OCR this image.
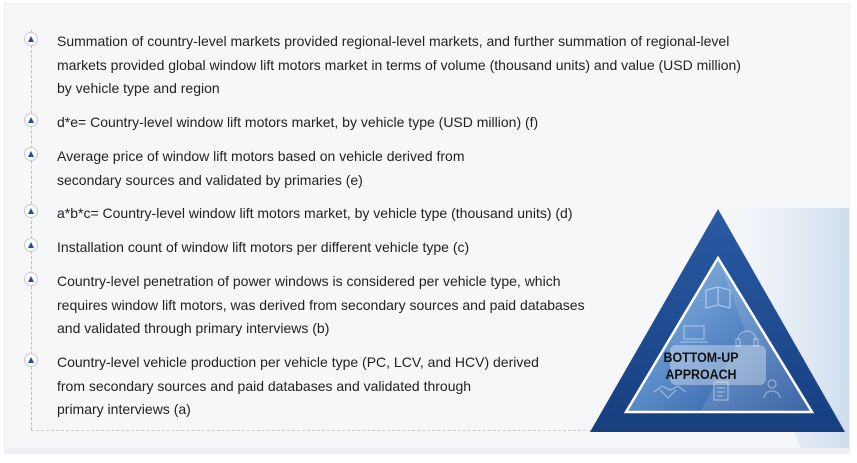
Summation of country-level markets provided regional-level markets, and further summation of regional-level
markets provided global window lift motors market in terms of volume (thousand units) and value (USD million)
by vehicle type and region
d*e= Country-level window lift motors market, by vehicle type (USD million) (f)
Average price of window lift motors based on vehicle derived from
secondary sources and validated by primaries (e)
a*b*c= Country-level window lift motors market, by vehicle type (thousand units) (d)
Installation count of window lift motors per different vehicle type (c)
Country-level penetration of power windows is considered per vehicle type, which
requires window lift motors, was derived from secondary sources and paid databases
and validated through primary interviews (b)
Country-level vehicle production per vehicle type (PC, LCV, and HCV) derived
from secondary sources and paid databases and validated through
primary interviews (a)
BOTTOM-UP
APPROACH
